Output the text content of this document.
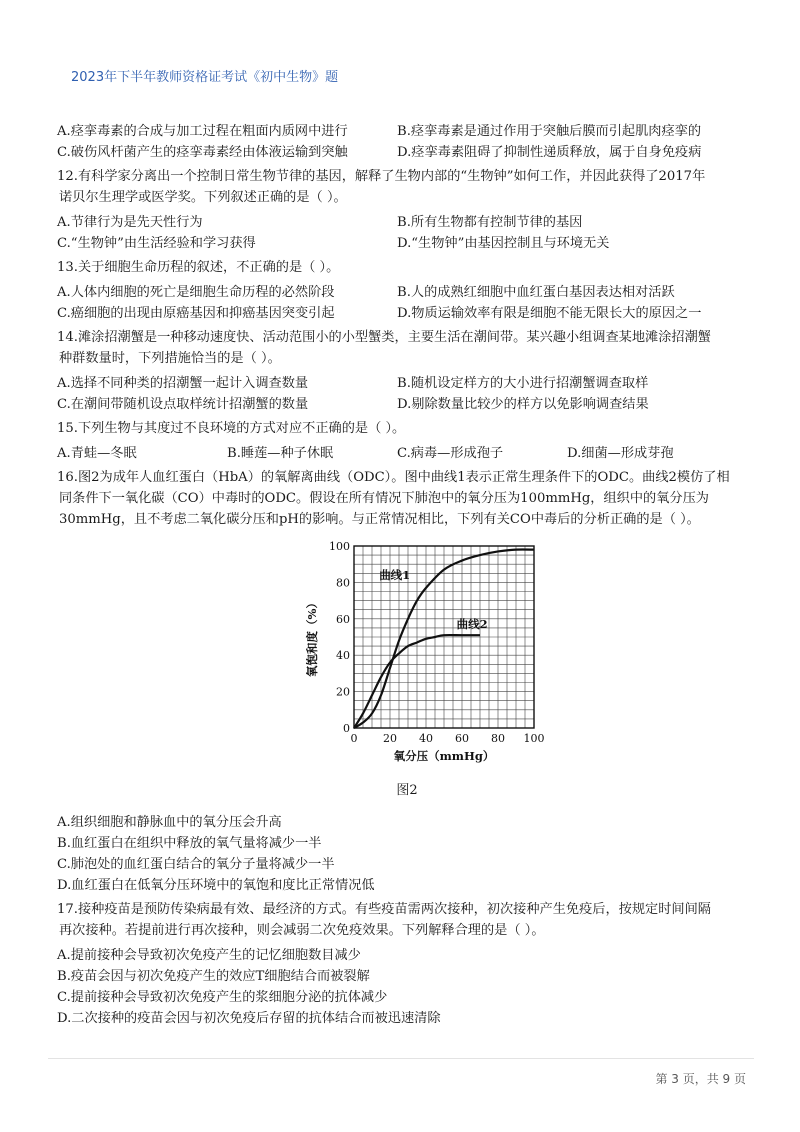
2023年下半年教师资格证考试《初中生物》题
A.痉挛毒素的合成与加工过程在粗面内质网中进行	B.痉挛毒素是通过作用于突触后膜而引起肌肉痉挛的
C.破伤风杆菌产生的痉挛毒素经由体液运输到突触	D.痉挛毒素阻碍了抑制性递质释放，属于自身免疫病
12.有科学家分离出一个控制日常生物节律的基因，解释了生物内部的“生物钟”如何工作，并因此获得了2017年
诺贝尔生理学或医学奖。下列叙述正确的是（ ）。
A.节律行为是先天性行为	B.所有生物都有控制节律的基因
C.“生物钟”由生活经验和学习获得	D.“生物钟”由基因控制且与环境无关
13.关于细胞生命历程的叙述，不正确的是（ ）。
A.人体内细胞的死亡是细胞生命历程的必然阶段	B.人的成熟红细胞中血红蛋白基因表达相对活跃
C.癌细胞的出现由原癌基因和抑癌基因突变引起	D.物质运输效率有限是细胞不能无限长大的原因之一
14.滩涂招潮蟹是一种移动速度快、活动范围小的小型蟹类，主要生活在潮间带。某兴趣小组调查某地滩涂招潮蟹
种群数量时，下列措施恰当的是（ ）。
A.选择不同种类的招潮蟹一起计入调查数量	B.随机设定样方的大小进行招潮蟹调查取样
C.在潮间带随机设点取样统计招潮蟹的数量	D.剔除数量比较少的样方以免影响调查结果
15.下列生物与其度过不良环境的方式对应不正确的是（ ）。
A.青蛙—冬眠	B.睡莲—种子休眠	C.病毒—形成孢子	D.细菌—形成芽孢
16.图2为成年人血红蛋白（HbA）的氧解离曲线（ODC）。图中曲线1表示正常生理条件下的ODC。曲线2模仿了相
同条件下一氧化碳（CO）中毒时的ODC。假设在所有情况下肺泡中的氧分压为100mmHg，组织中的氧分压为
30mmHg，且不考虑二氧化碳分压和pH的影响。与正常情况相比，下列有关CO中毒后的分析正确的是（ ）。
0 20 40 60 80 100
0
20
40
60
80
100
氧分压（mmHg）
氧饱和度（%）
曲线1
曲线2
图2
A.组织细胞和静脉血中的氧分压会升高
B.血红蛋白在组织中释放的氧气量将减少一半
C.肺泡处的血红蛋白结合的氧分子量将减少一半
D.血红蛋白在低氧分压环境中的氧饱和度比正常情况低
17.接种疫苗是预防传染病最有效、最经济的方式。有些疫苗需两次接种，初次接种产生免疫后，按规定时间间隔
再次接种。若提前进行再次接种，则会减弱二次免疫效果。下列解释合理的是（ ）。
A.提前接种会导致初次免疫产生的记忆细胞数目减少
B.疫苗会因与初次免疫产生的效应T细胞结合而被裂解
C.提前接种会导致初次免疫产生的浆细胞分泌的抗体减少
D.二次接种的疫苗会因与初次免疫后存留的抗体结合而被迅速清除
第 3 页，共 9 页
